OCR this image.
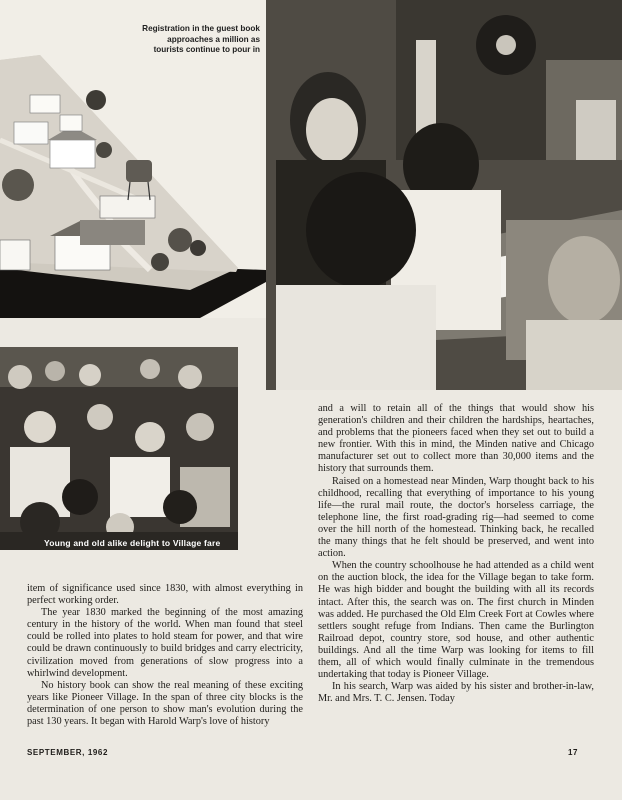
Registration in the guest book approaches a million as tourists continue to pour in
Young and old alike delight to Village fare

item of significance used since 1830, with almost everything in perfect working order.

The year 1830 marked the beginning of the most amazing century in the history of the world. When man found that steel could be rolled into plates to hold steam for power, and that wire could be drawn continuously to build bridges and carry electricity, civilization moved from generations of slow progress into a whirlwind development.

No history book can show the real meaning of these exciting years like Pioneer Village. In the span of three city blocks is the determination of one person to show man's evolution during the past 130 years. It began with Harold Warp's love of history

and a will to retain all of the things that would show his generation's children and their children the hardships, heartaches, and problems that the pioneers faced when they set out to build a new frontier. With this in mind, the Minden native and Chicago manufacturer set out to collect more than 30,000 items and the history that surrounds them.

Raised on a homestead near Minden, Warp thought back to his childhood, recalling that everything of importance to his young life—the rural mail route, the doctor's horseless carriage, the telephone line, the first road-grading rig—had seemed to come over the hill north of the homestead. Thinking back, he recalled the many things that he felt should be preserved, and went into action.

When the country schoolhouse he had attended as a child went on the auction block, the idea for the Village began to take form. He was high bidder and bought the building with all its records intact. After this, the search was on. The first church in Minden was added. He purchased the Old Elm Creek Fort at Cowles where settlers sought refuge from Indians. Then came the Burlington Railroad depot, country store, sod house, and other authentic buildings. And all the time Warp was looking for items to fill them, all of which would finally culminate in the tremendous undertaking that today is Pioneer Village.

In his search, Warp was aided by his sister and brother-in-law, Mr. and Mrs. T. C. Jensen. Today

SEPTEMBER, 1962	17
